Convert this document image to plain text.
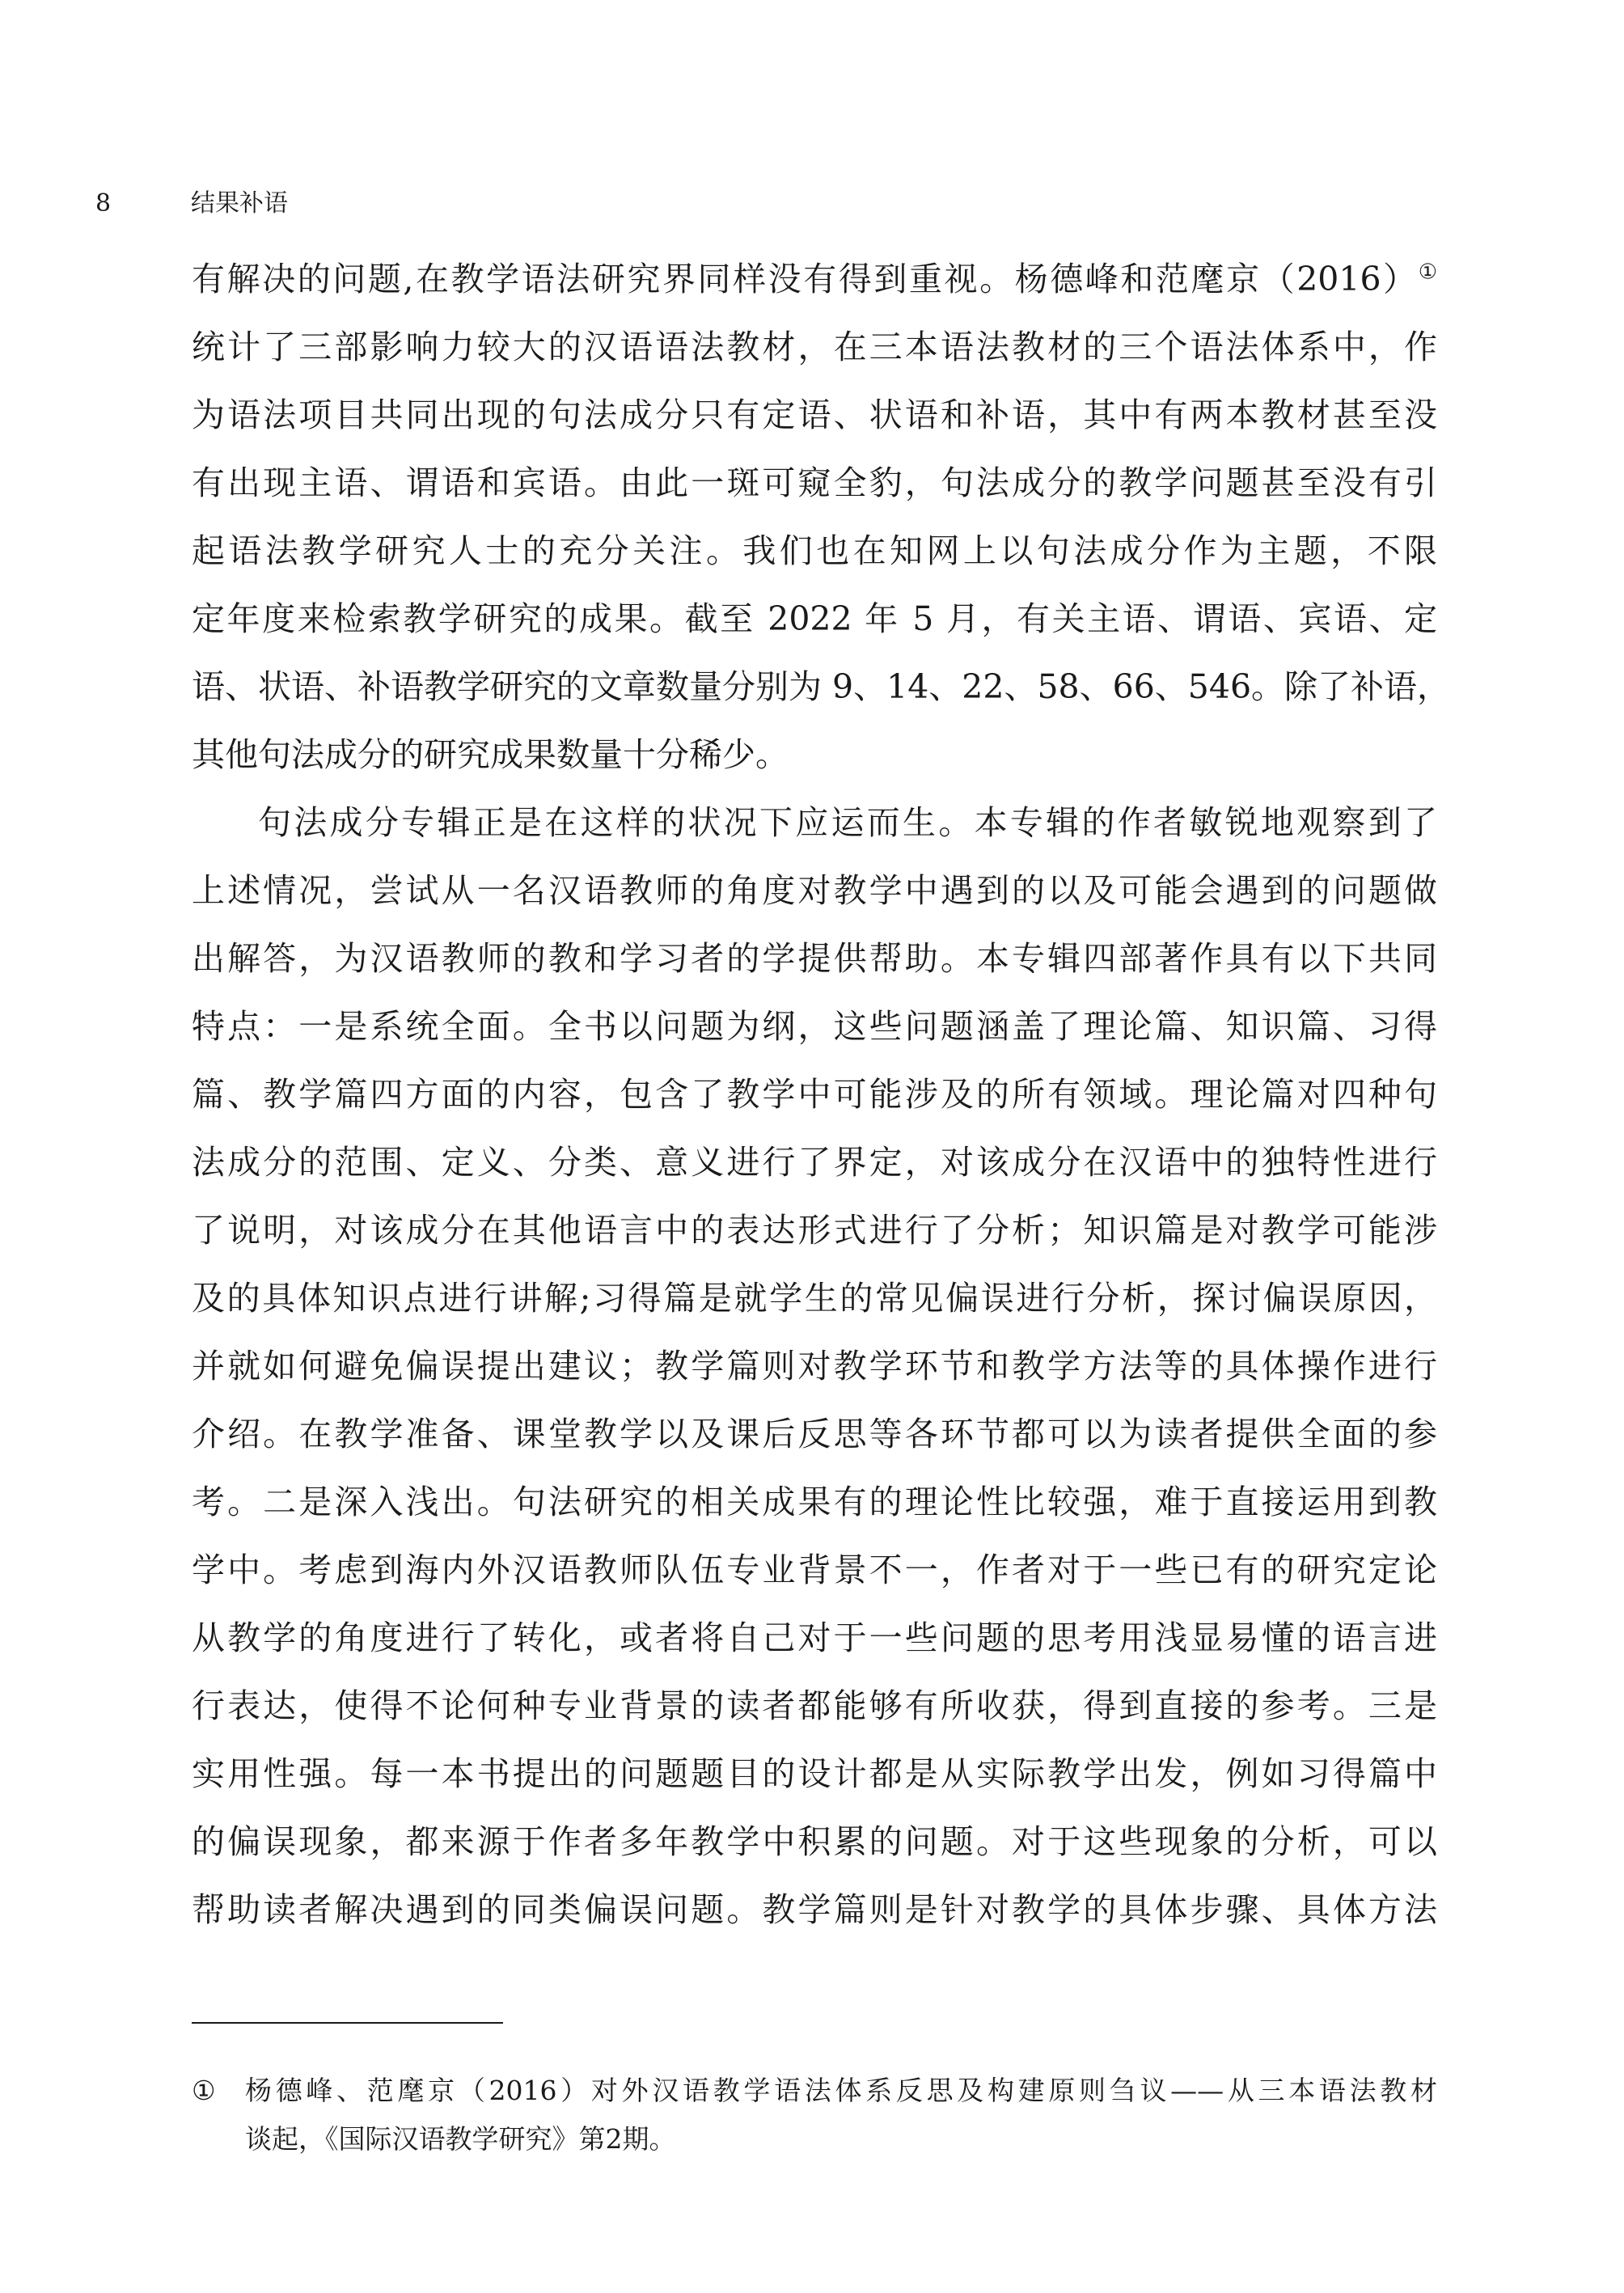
8	结果补语
有解决的问题,在教学语法研究界同样没有得到重视。杨德峰和范麾京（2016）①
统计了三部影响力较大的汉语语法教材，在三本语法教材的三个语法体系中，作
为语法项目共同出现的句法成分只有定语、状语和补语，其中有两本教材甚至没
有出现主语、谓语和宾语。由此一斑可窥全豹，句法成分的教学问题甚至没有引
起语法教学研究人士的充分关注。我们也在知网上以句法成分作为主题，不限
定年度来检索教学研究的成果。截至 2022 年 5 月，有关主语、谓语、宾语、定
语、状语、补语教学研究的文章数量分别为 9、14、22、58、66、546。除了补语，
其他句法成分的研究成果数量十分稀少。
句法成分专辑正是在这样的状况下应运而生。本专辑的作者敏锐地观察到了
上述情况，尝试从一名汉语教师的角度对教学中遇到的以及可能会遇到的问题做
出解答，为汉语教师的教和学习者的学提供帮助。本专辑四部著作具有以下共同
特点：一是系统全面。全书以问题为纲，这些问题涵盖了理论篇、知识篇、习得
篇、教学篇四方面的内容，包含了教学中可能涉及的所有领域。理论篇对四种句
法成分的范围、定义、分类、意义进行了界定，对该成分在汉语中的独特性进行
了说明，对该成分在其他语言中的表达形式进行了分析；知识篇是对教学可能涉
及的具体知识点进行讲解;习得篇是就学生的常见偏误进行分析，探讨偏误原因，
并就如何避免偏误提出建议；教学篇则对教学环节和教学方法等的具体操作进行
介绍。在教学准备、课堂教学以及课后反思等各环节都可以为读者提供全面的参
考。二是深入浅出。句法研究的相关成果有的理论性比较强，难于直接运用到教
学中。考虑到海内外汉语教师队伍专业背景不一，作者对于一些已有的研究定论
从教学的角度进行了转化，或者将自己对于一些问题的思考用浅显易懂的语言进
行表达，使得不论何种专业背景的读者都能够有所收获，得到直接的参考。三是
实用性强。每一本书提出的问题题目的设计都是从实际教学出发，例如习得篇中
的偏误现象，都来源于作者多年教学中积累的问题。对于这些现象的分析，可以
帮助读者解决遇到的同类偏误问题。教学篇则是针对教学的具体步骤、具体方法
①	杨德峰、范麾京（2016）对外汉语教学语法体系反思及构建原则刍议——从三本语法教材
谈起，《国际汉语教学研究》第2期。
